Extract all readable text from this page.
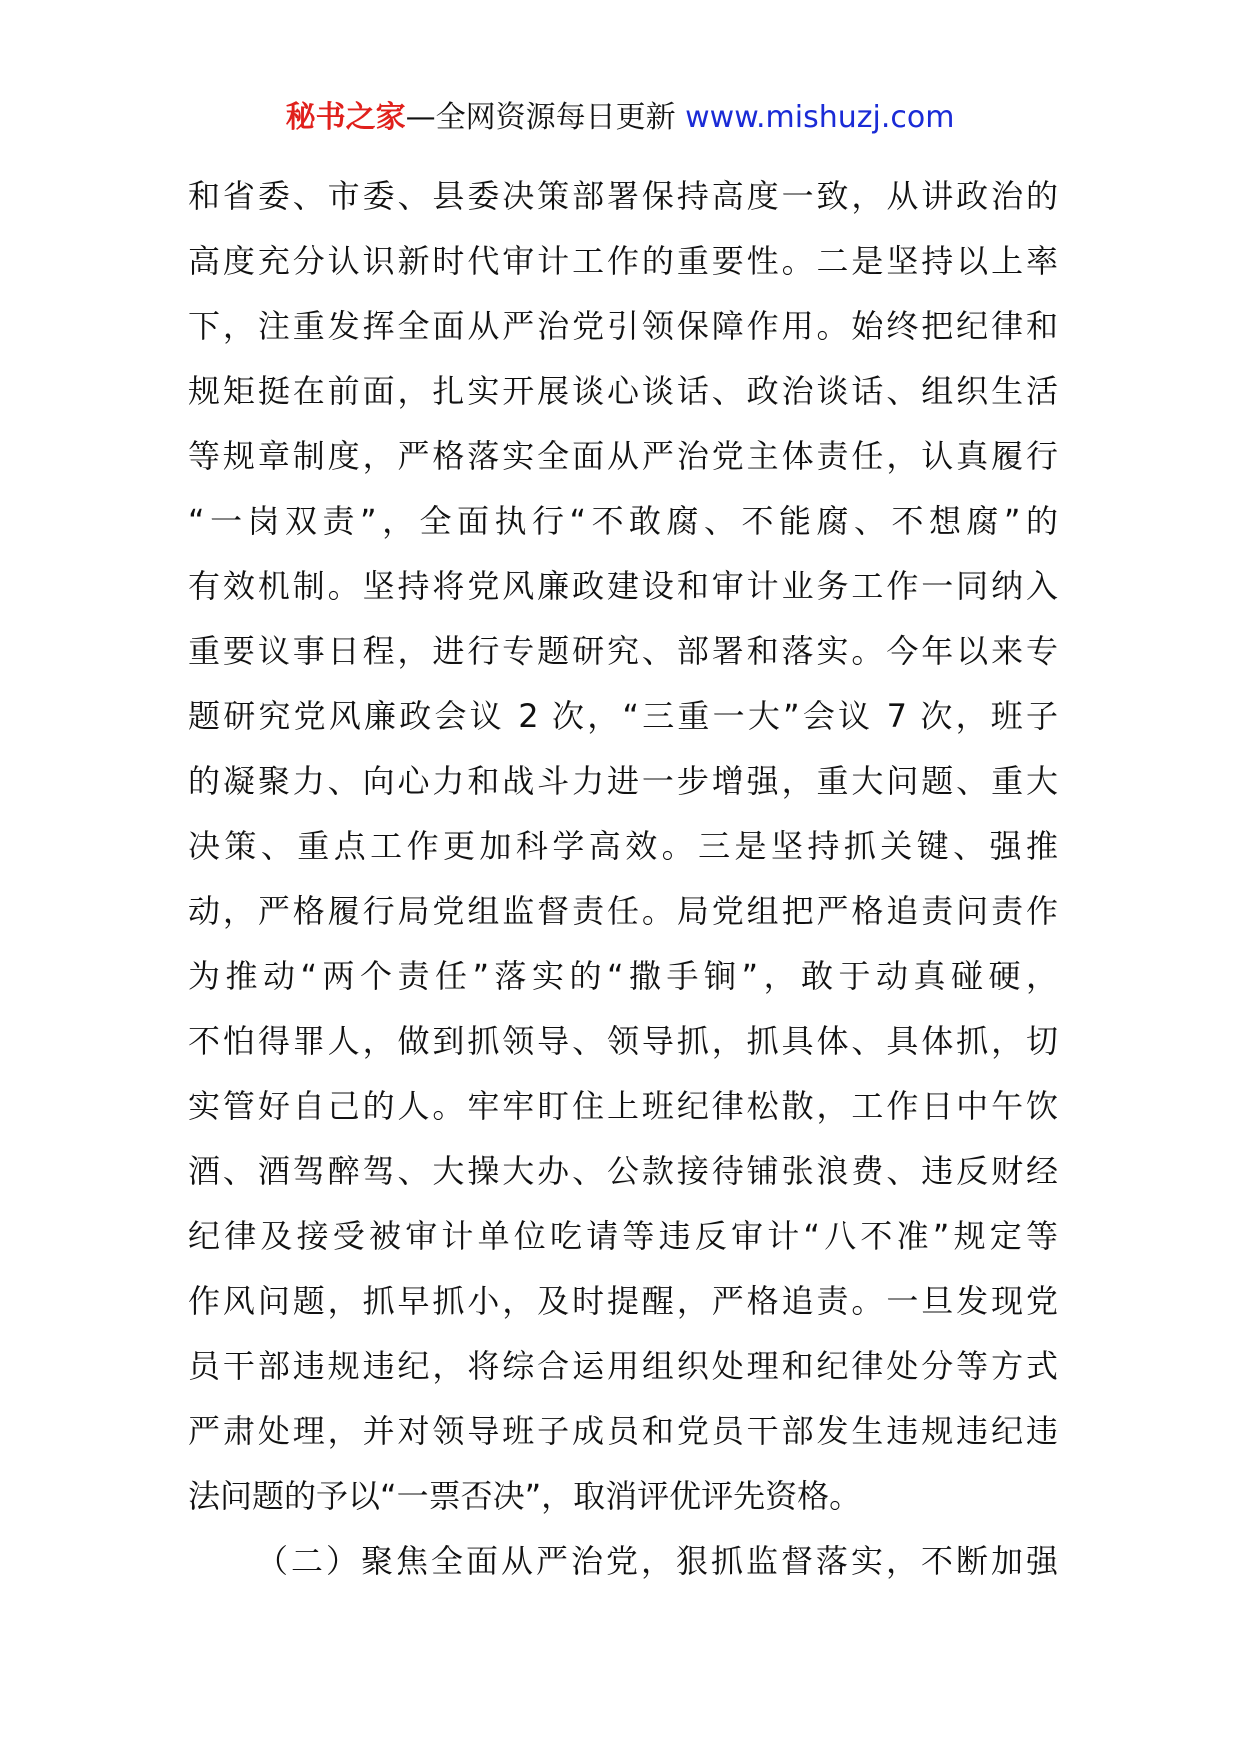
秘书之家—全网资源每日更新 www.mishuzj.com
和省委、市委、县委决策部署保持高度一致，从讲政治的
高度充分认识新时代审计工作的重要性。二是坚持以上率
下，注重发挥全面从严治党引领保障作用。始终把纪律和
规矩挺在前面，扎实开展谈心谈话、政治谈话、组织生活
等规章制度，严格落实全面从严治党主体责任，认真履行
“一岗双责”，全面执行“不敢腐、不能腐、不想腐”的
有效机制。坚持将党风廉政建设和审计业务工作一同纳入
重要议事日程，进行专题研究、部署和落实。今年以来专
题研究党风廉政会议 2 次，“三重一大”会议 7 次，班子
的凝聚力、向心力和战斗力进一步增强，重大问题、重大
决策、重点工作更加科学高效。三是坚持抓关键、强推
动，严格履行局党组监督责任。局党组把严格追责问责作
为推动“两个责任”落实的“撒手锏”，敢于动真碰硬，
不怕得罪人，做到抓领导、领导抓，抓具体、具体抓，切
实管好自己的人。牢牢盯住上班纪律松散，工作日中午饮
酒、酒驾醉驾、大操大办、公款接待铺张浪费、违反财经
纪律及接受被审计单位吃请等违反审计“八不准”规定等
作风问题，抓早抓小，及时提醒，严格追责。一旦发现党
员干部违规违纪，将综合运用组织处理和纪律处分等方式
严肃处理，并对领导班子成员和党员干部发生违规违纪违
法问题的予以“一票否决”，取消评优评先资格。
（二）聚焦全面从严治党，狠抓监督落实，不断加强
